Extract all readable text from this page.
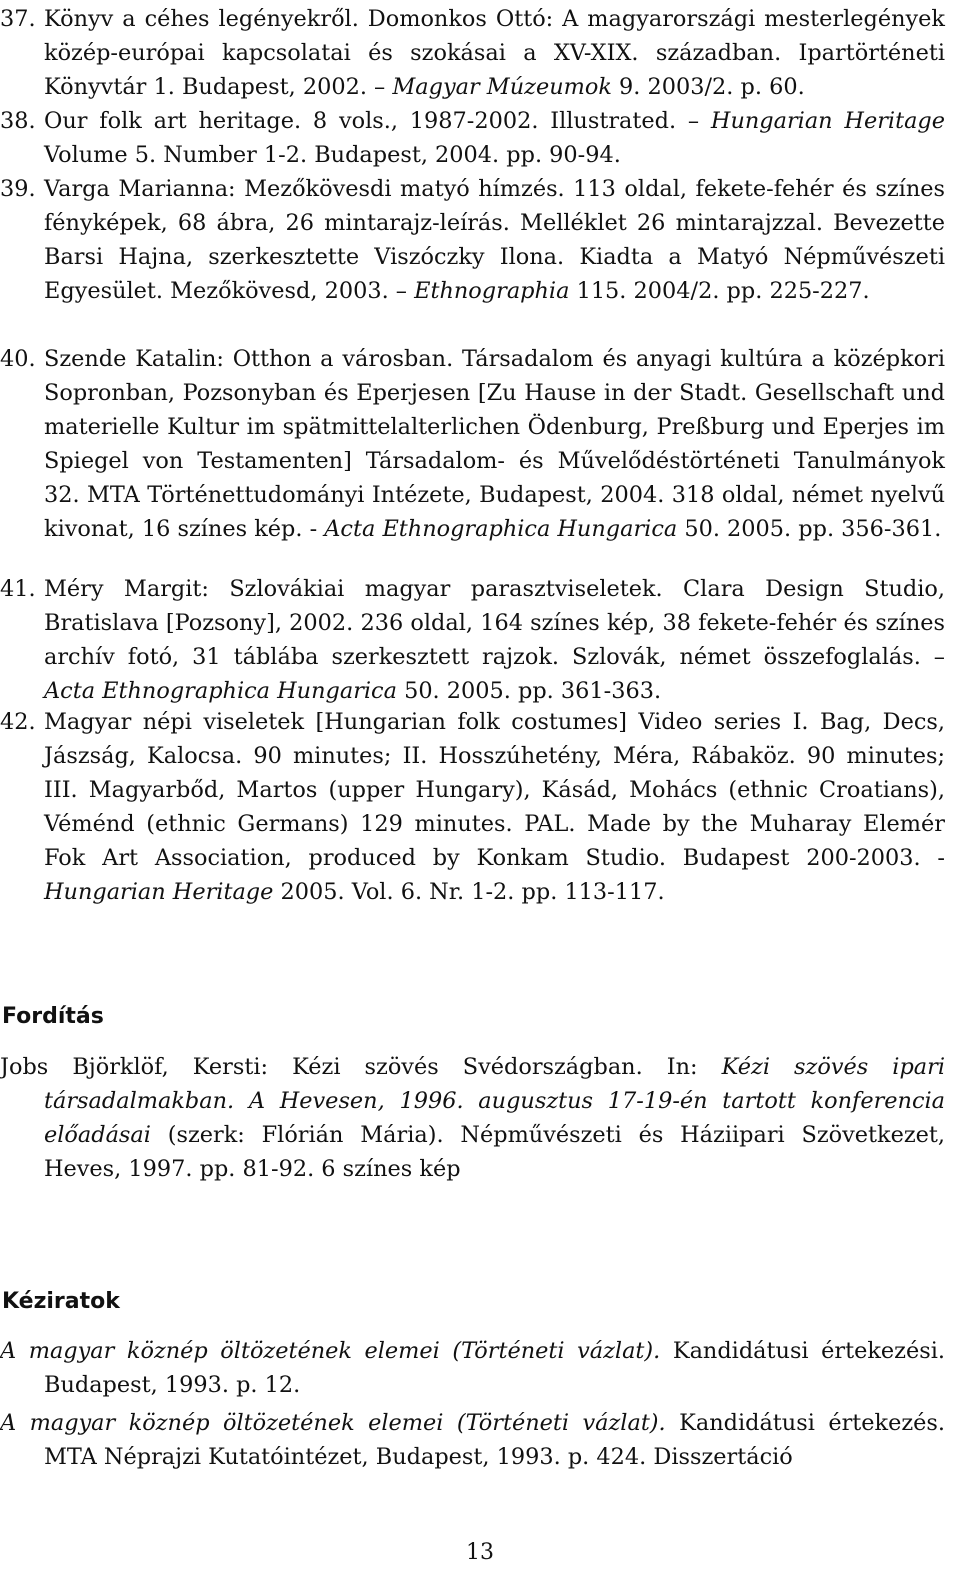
37. Könyv a céhes legényekről. Domonkos Ottó: A magyarországi mesterlegények közép-európai kapcsolatai és szokásai a XV-XIX. században. Ipartörténeti Könyvtár 1. Budapest, 2002. – Magyar Múzeumok 9. 2003/2. p. 60.
38. Our folk art heritage. 8 vols., 1987-2002. Illustrated. – Hungarian Heritage Volume 5. Number 1-2. Budapest, 2004. pp. 90-94.
39. Varga Marianna: Mezőkövesdi matyó hímzés. 113 oldal, fekete-fehér és színes fényképek, 68 ábra, 26 mintarajz-leírás. Melléklet 26 mintarajzzal. Bevezette Barsi Hajna, szerkesztette Viszóczky Ilona. Kiadta a Matyó Népművészeti Egyesület. Mezőkövesd, 2003. – Ethnographia 115. 2004/2. pp. 225-227.
40. Szende Katalin: Otthon a városban. Társadalom és anyagi kultúra a középkori Sopronban, Pozsonyban és Eperjesen [Zu Hause in der Stadt. Gesellschaft und materielle Kultur im spätmittelalterlichen Ödenburg, Preßburg und Eperjes im Spiegel von Testamenten] Társadalom- és Művelődéstörténeti Tanulmányok 32. MTA Történettudományi Intézete, Budapest, 2004. 318 oldal, német nyelvű kivonat, 16 színes kép. - Acta Ethnographica Hungarica 50. 2005. pp. 356-361.
41. Méry Margit: Szlovákiai magyar parasztviseletek. Clara Design Studio, Bratislava [Pozsony], 2002. 236 oldal, 164 színes kép, 38 fekete-fehér és színes archív fotó, 31 táblába szerkesztett rajzok. Szlovák, német összefoglalás. – Acta Ethnographica Hungarica 50. 2005. pp. 361-363.
42. Magyar népi viseletek [Hungarian folk costumes] Video series I. Bag, Decs, Jászság, Kalocsa. 90 minutes; II. Hosszúhetény, Méra, Rábaköz. 90 minutes; III. Magyarbőd, Martos (upper Hungary), Kásád, Mohács (ethnic Croatians), Véménd (ethnic Germans) 129 minutes. PAL. Made by the Muharay Elemér Fok Art Association, produced by Konkam Studio. Budapest 200-2003. - Hungarian Heritage 2005. Vol. 6. Nr. 1-2. pp. 113-117.
Fordítás
Jobs Björklöf, Kersti: Kézi szövés Svédországban. In: Kézi szövés ipari társadalmakban. A Hevesen, 1996. augusztus 17-19-én tartott konferencia előadásai (szerk: Flórián Mária). Népművészeti és Háziipari Szövetkezet, Heves, 1997. pp. 81-92. 6 színes kép
Kéziratok
A magyar köznép öltözetének elemei (Történeti vázlat). Kandidátusi értekezési. Budapest, 1993. p. 12.
A magyar köznép öltözetének elemei (Történeti vázlat). Kandidátusi értekezés. MTA Néprajzi Kutatóintézet, Budapest, 1993. p. 424. Disszertáció
13
